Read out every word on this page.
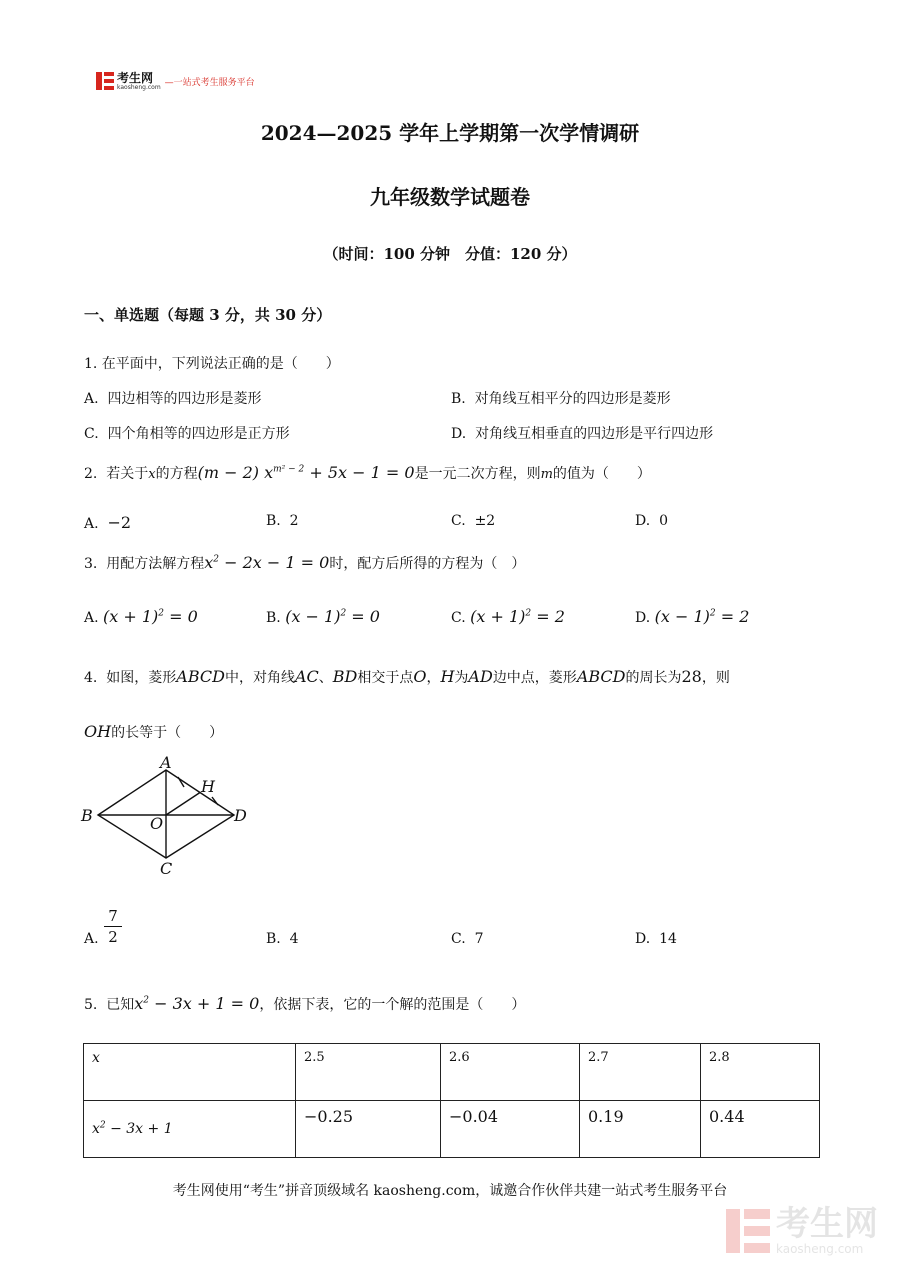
考生网
kaosheng.com —一站式考生服务平台
2024—2025 学年上学期第一次学情调研
九年级数学试题卷
（时间：100 分钟　分值：120 分）
一、单选题（每题 3 分，共 30 分）
1. 在平面中，下列说法正确的是（　　）
A. 四边相等的四边形是菱形	B. 对角线互相平分的四边形是菱形
C. 四个角相等的四边形是正方形	D. 对角线互相垂直的四边形是平行四边形
2. 若关于x的方程(m − 2) $x^{m^2 - 2} + 5x - 1 = 0$是一元二次方程，则m的值为（　　）
A. −2	B. 2	C. ±2	D. 0
3. 用配方法解方程$x^2 - 2x - 1 = 0$时，配方后所得的方程为（　）
A. $(x + 1)^2 = 0$	B. $(x - 1)^2 = 0$	C. $(x + 1)^2 = 2$	D. $(x - 1)^2 = 2$
4. 如图，菱形ABCD中，对角线AC、BD相交于点O，H为AD边中点，菱形ABCD的周长为28，则
OH的长等于（　　）
A
B
C
D
O
H
A.
7
2	B. 4	C. 7	D. 14
5. 已知$x^2 - 3x + 1 = 0$，依据下表，它的一个解的范围是（　　）
x	2.5	2.6	2.7	2.8
$x^2 - 3x + 1$	−0.25	−0.04	0.19	0.44
考生网使用“考生”拼音顶级域名 kaosheng.com，诚邀合作伙伴共建一站式考生服务平台
考生网
kaosheng.com
